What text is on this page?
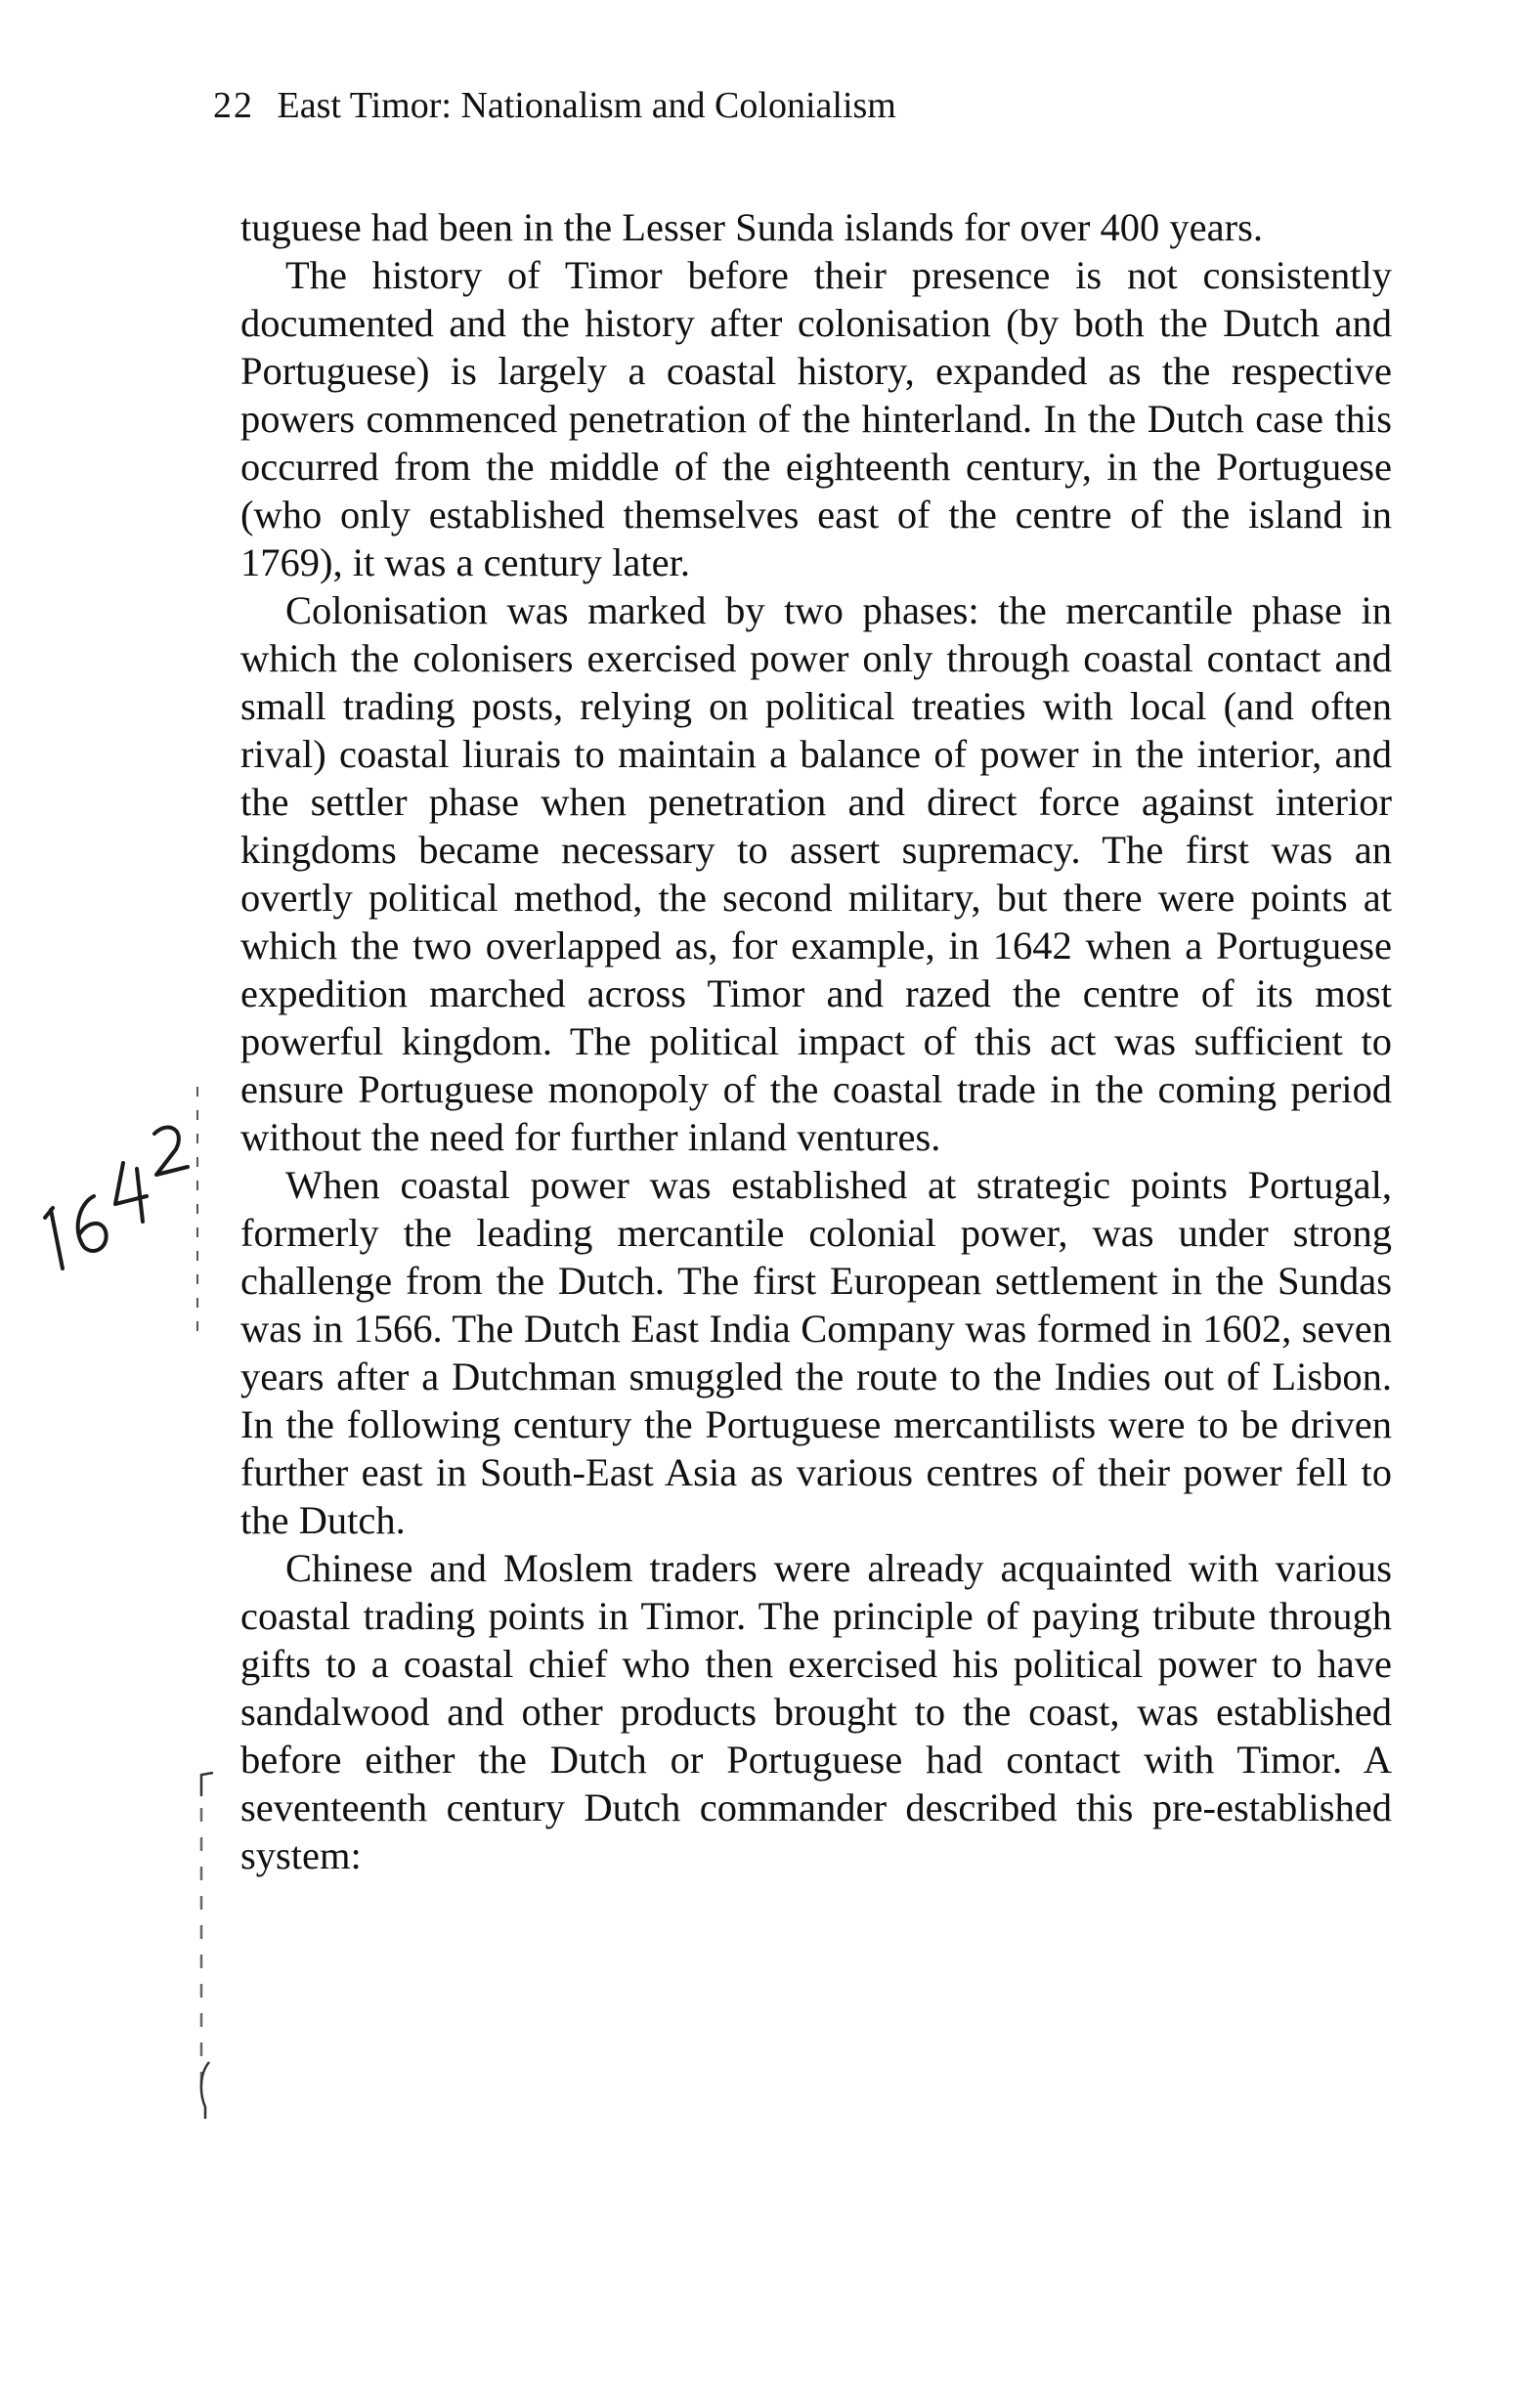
22 East Timor: Nationalism and Colonialism

tuguese had been in the Lesser Sunda islands for over 400 years.

The history of Timor before their presence is not consistently documented and the history after colonisation (by both the Dutch and Portuguese) is largely a coastal history, expanded as the respective powers commenced penetration of the hinterland. In the Dutch case this occurred from the middle of the eighteenth century, in the Portuguese (who only established themselves east of the centre of the island in 1769), it was a century later.

Colonisation was marked by two phases: the mercantile phase in which the colonisers exercised power only through coastal contact and small trading posts, relying on political treaties with local (and often rival) coastal liurais to maintain a balance of power in the interior, and the settler phase when penetration and direct force against interior kingdoms became necessary to assert supremacy. The first was an overtly political method, the second military, but there were points at which the two overlapped as, for example, in 1642 when a Portuguese expedition marched across Timor and razed the centre of its most powerful kingdom. The political impact of this act was sufficient to ensure Portuguese monopoly of the coastal trade in the coming period without the need for further inland ventures.

When coastal power was established at strategic points Portugal, formerly the leading mercantile colonial power, was under strong challenge from the Dutch. The first European settlement in the Sundas was in 1566. The Dutch East India Company was formed in 1602, seven years after a Dutchman smuggled the route to the Indies out of Lisbon. In the following century the Portuguese mercantilists were to be driven further east in South-East Asia as various centres of their power fell to the Dutch.

Chinese and Moslem traders were already acquainted with various coastal trading points in Timor. The principle of paying tribute through gifts to a coastal chief who then exercised his political power to have sandalwood and other products brought to the coast, was established before either the Dutch or Portuguese had contact with Timor. A seventeenth century Dutch commander described this pre-established system:
